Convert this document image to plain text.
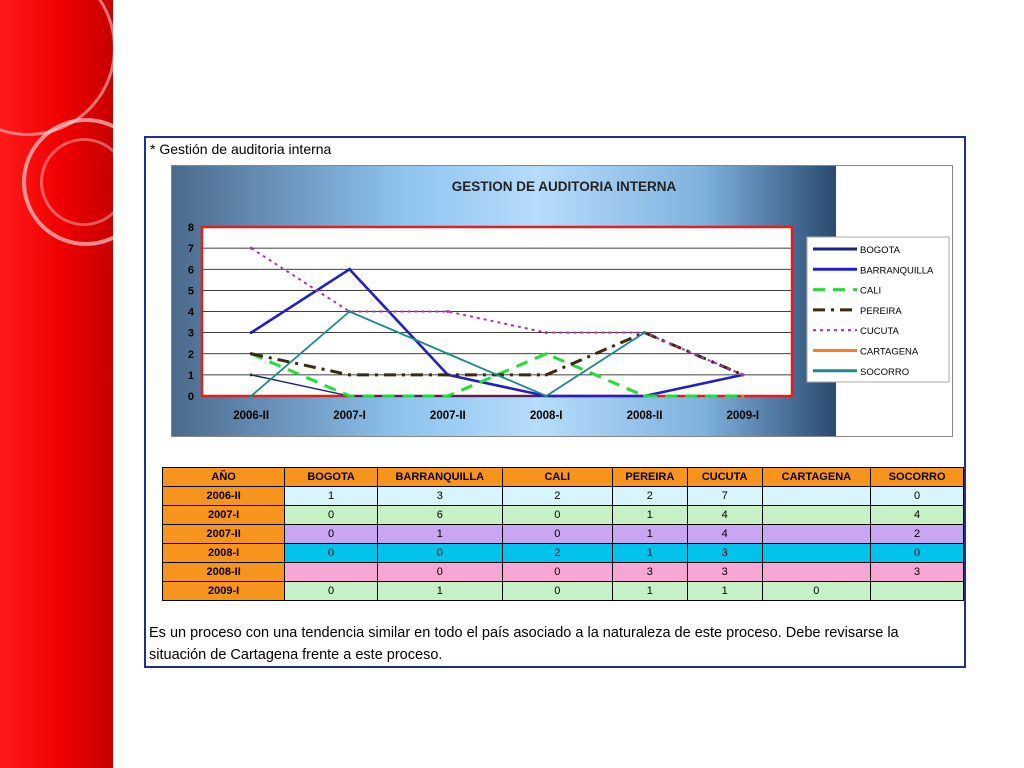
* Gestión de auditoria interna
GESTION DE AUDITORIA INTERNA
0
1
2
3
4
5
6
7
8
2006-II	2007-I	2007-II	2008-I	2008-II	2009-I
BOGOTA
BARRANQUILLA
CALI
PEREIRA
CUCUTA
CARTAGENA
SOCORRO
AÑO	BOGOTA	BARRANQUILLA	CALI	PEREIRA	CUCUTA	CARTAGENA	SOCORRO
2006-II	1	3	2	2	7		0
2007-I	0	6	0	1	4		4
2007-II	0	1	0	1	4		2
2008-I	0	0	2	1	3		0
2008-II		0	0	3	3		3
2009-I	0	1	0	1	1	0	
Es un proceso con una tendencia similar en todo el país asociado a la naturaleza de este proceso. Debe revisarse la situación de Cartagena frente a este proceso.
